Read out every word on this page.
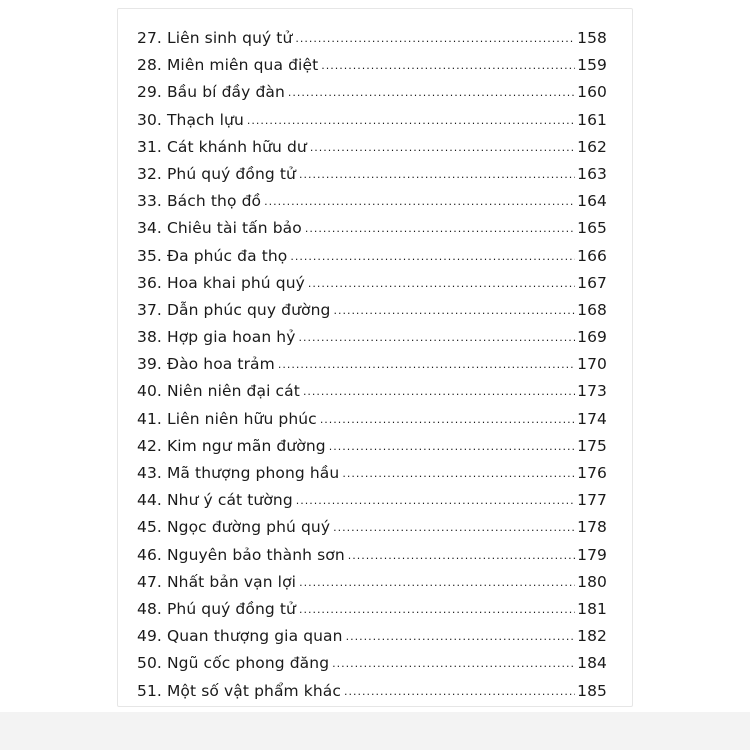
27. Liên sinh quý tử .....	158
28. Miên miên qua điệt .....	159
29. Bầu bí đầy đàn .....	160
30. Thạch lựu .....	161
31. Cát khánh hữu dư .....	162
32. Phú quý đồng tử .....	163
33. Bách thọ đồ .....	164
34. Chiêu tài tấn bảo .....	165
35. Đa phúc đa thọ .....	166
36. Hoa khai phú quý .....	167
37. Dẫn phúc quy đường .....	168
38. Hợp gia hoan hỷ .....	169
39. Đào hoa trảm .....	170
40. Niên niên đại cát .....	173
41. Liên niên hữu phúc .....	174
42. Kim ngư mãn đường .....	175
43. Mã thượng phong hầu .....	176
44. Như ý cát tường .....	177
45. Ngọc đường phú quý .....	178
46. Nguyên bảo thành sơn .....	179
47. Nhất bản vạn lợi .....	180
48. Phú quý đồng tử .....	181
49. Quan thượng gia quan .....	182
50. Ngũ cốc phong đăng .....	184
51. Một số vật phẩm khác .....	185
